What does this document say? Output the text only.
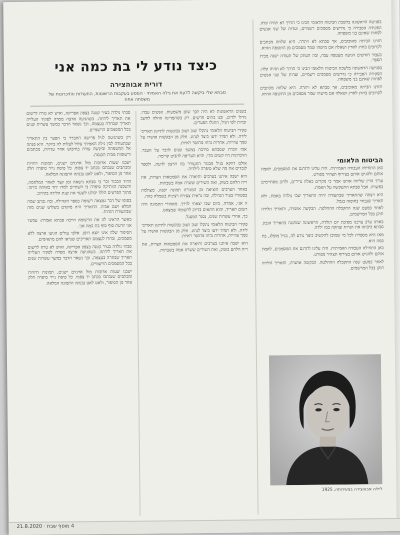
כיצד נודע לי בת כמה אני
דורית אבוהצירה
סבתא שלי ביקשה לדעת את גילה האמיתי · המסע בעקבות הרשומות, התעודות והזיכרונות של משפחה אחת

סבתי נולדה בעיר קטנה בצפון אפריקה, ואיש לא טרח לרשום את תאריך לידתה. כשהגיעה ארצה מסרה לפקיד העלייה תאריך שבחרה בעצמה, וכך נשאר הדבר במשך עשרות שנים בכל המסמכים הרשמיים.

רק כשהגיעה לגיל פרישה התברר כי הפער בין התאריך שבתעודה לבין גילה האמיתי עלול לעלות לה ביוקר. היא פנתה אל המשפחה וביקשה עזרה בחיפוש אחר עדויות, מכתבים ורשומות מבית הכנסת.

ישבנו שעות ארוכות מול ארגזים ישנים, תמונות דהויות ומכתבים שנכתבו בכתב יד צפוף. כל פיסת נייר סיפרה חלק אחר מן הסיפור, ולאט לאט נבנתה התמונה המלאה.

הדוד הבכור זכר כי סבתא נישאה זמן קצר לאחר המלחמה, והשכנה הוותיקה סיפרה כי השתיים למדו יחד באותה כיתה. מתוך הפרטים הללו יכולנו לשער את שנת הלידה בקירוב.

בסופו של דבר נמצאה רשומה בספר הקהילה, ובה נכתב שמה המלא ושם אביה. התאריך היה מוקדם בשלוש שנים מזה שבתעודת הזהות.

כאשר הראינו לה את הרשומה חייכה סבתא ואמרה: עכשיו אני יודעת סוף סוף בת כמה אני.

הסיפור שלה אינו יוצא דופן. אלפי עולים הגיעו ארצה ללא מסמכים, ובחרו לעצמם תאריכים שנראו להם מתאימים.

סבתי נולדה בעיר קטנה בצפון אפריקה, ואיש לא טרח לרשום את תאריך לידתה. כשהגיעה ארצה מסרה לפקיד העלייה תאריך שבחרה בעצמה, וכך נשאר הדבר במשך עשרות שנים בכל המסמכים הרשמיים.

ישבנו שעות ארוכות מול ארגזים ישנים, תמונות דהויות ומכתבים שנכתבו בכתב יד צפוף. כל פיסת נייר סיפרה חלק אחר מן הסיפור, ולאט לאט נבנתה התמונה המלאה.

בשנים הראשונות לא היה לכך שום משמעות. אנשים עבדו, גידלו ילדים, ובנו בתים חדשים. רק כשהמדינה החלה לחשב זכויות לפי הגיל, התגלו הפערים.

פקידי הביטוח הלאומי נתקלו שוב ושוב בבקשות לתיקון תאריכי לידה, ולא תמיד ידעו כיצד לנהוג. חלק מן הבקשות אושרו על סמך עדויות, אחרות נדחו מחוסר ראיות.

אמי זוכרת שסבתא סירבה במשך שנים לדבר על העבר. הזיכרונות היו קשים מדי, והיא העדיפה להביט קדימה.

אולם דווקא בגיל מבוגר התעורר בה הרצון לדעת, ולספר לנכדים את מה שלא סיפרה לילדיה.

היא ישבה איתנו בערבים ותיארה את הסמטאות הצרות, את ריח הלחם בשוק, ואת השירים ששרה אמה בשבתות.

באחד הערבים הוציאה מן המגירה תמונה ישנה, מצולמת בסטודיו בעיר הגדולה, ובה נראית צעירה רצינית בשמלה כהה.

זו אני, אמרה, ביום שבו יצאתי לדרך. מאחורי התמונה היה רשום תאריך, והוא התאים בדיוק לרשומה שמצאנו.

כך, אחרי עשרות שנים, נסגר המעגל.

פקידי הביטוח הלאומי נתקלו שוב ושוב בבקשות לתיקון תאריכי לידה, ולא תמיד ידעו כיצד לנהוג. חלק מן הבקשות אושרו על סמך עדויות, אחרות נדחו מחוסר ראיות.

היא ישבה איתנו בערבים ותיארה את הסמטאות הצרות, את ריח הלחם בשוק, ואת השירים ששרה אמה בשבתות.

בפגישה הראשונה בלשכת הביטוח הלאומי הבינו כי הדרך לא תהיה קלה. הפקידה הסבירה כי נדרשים מסמכים רשמיים, ועדות של שני אנשים לפחות שאינם בני משפחה.

חזרנו הביתה מאוכזבים, אך סבתא לא ויתרה. היא שלחה מכתבים לקרובים בחוץ לארץ ושאלה אם מישהו שמר מסמכים מן התקופה ההיא.

כעבור חודשים הגיעה מעטפה עבה, ובה העתק של תעודה ישנה מבית הספר.

בפגישה הראשונה בלשכת הביטוח הלאומי הבינו כי הדרך לא תהיה קלה. הפקידה הסבירה כי נדרשים מסמכים רשמיים, ועדות של שני אנשים לפחות שאינם בני משפחה.

חזרנו הביתה מאוכזבים, אך סבתא לא ויתרה. היא שלחה מכתבים לקרובים בחוץ לארץ ושאלה אם מישהו שמר מסמכים מן התקופה ההיא.

הביטוח הלאומי

כאן התחילה העבודה האמיתית. היה עלינו לתרגם את המסמכים, לאמת אותם ולהגיש אותם בצירוף תצהיר מפורט.

עורך הדין שליווה אותנו אמר כי מקרים כאלה נדירים, ולרוב מסתיימים בפשרה. אבל סבתא התעקשה על האמת.

היא רצתה שהתאריך שבתעודה יהיה התאריך שבו נולדה באמת, ולא תאריך שנבחר בחופזה בנמל.

לאחר כמעט שנה התקבלה ההחלטה. הבקשה אושרה, ותאריך הלידה תוקן בכל המרשמים.

באותו ערב ערכנו מסיבת יום הולדת, הראשונה שנחגגה בתאריך הנכון. סבתא כיבתה את הנרות וצחקה כמו ילדה.

מאז היא מספרת לכל מי שמוכן להקשיב כיצד נודע לה, בגיל מופלג, בת כמה היא.

כאן התחילה העבודה האמיתית. היה עלינו לתרגם את המסמכים, לאמת אותם ולהגיש אותם בצירוף תצהיר מפורט.

לאחר כמעט שנה התקבלה ההחלטה. הבקשה אושרה, ותאריך הלידה תוקן בכל המרשמים.

ליליה אבוהצירה בצעירותה, 1925
4 מוסף שבת · 21.8.2020
